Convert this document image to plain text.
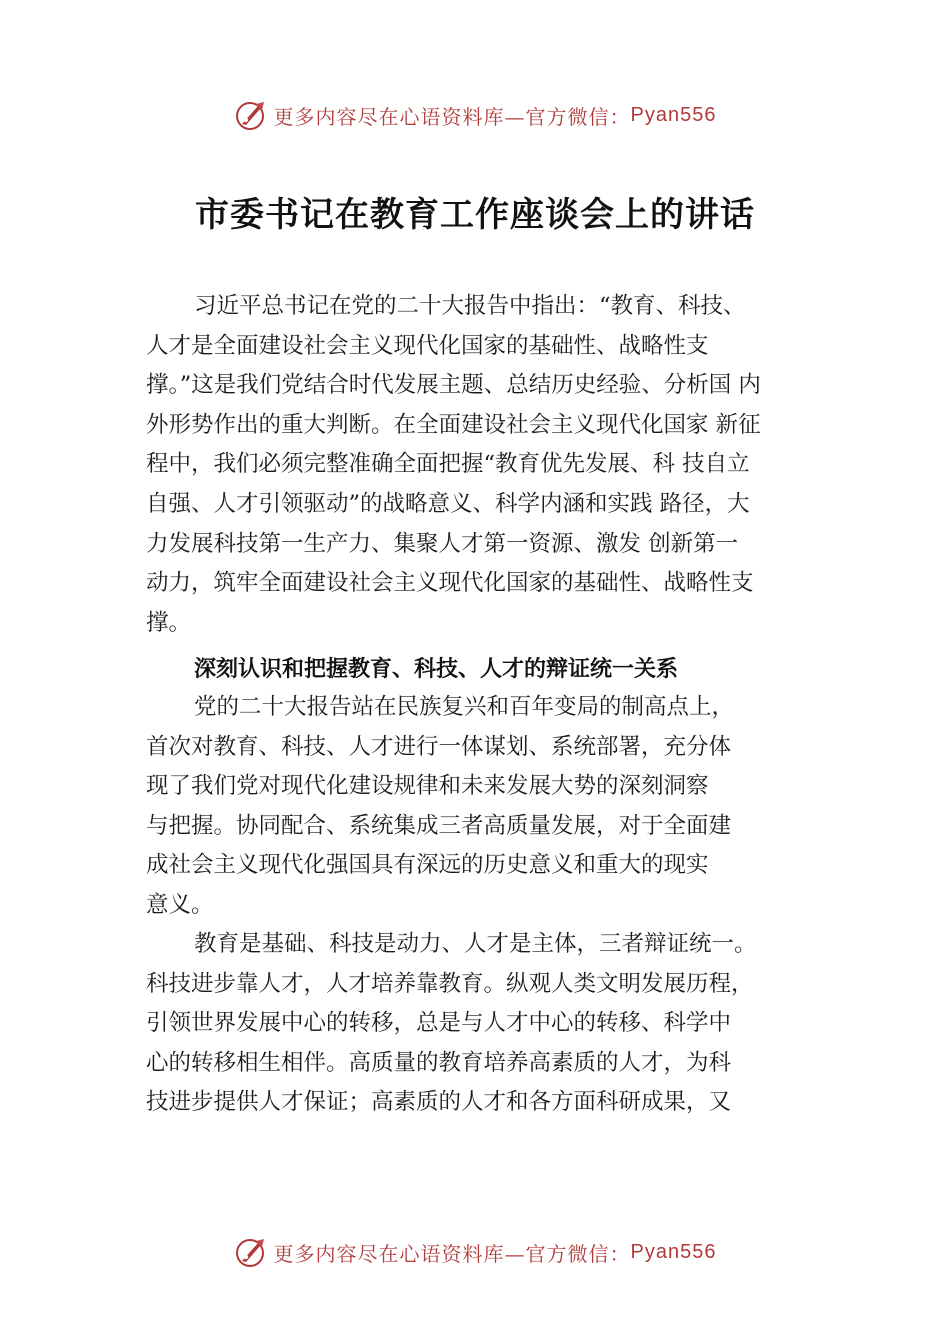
更多内容尽在心语资料库—官方微信： Pyan556
市委书记在教育工作座谈会上的讲话
习近平总书记在党的二十大报告中指出：“教育、科技、
人才是全面建设社会主义现代化国家的基础性、战略性支
撑。”这是我们党结合时代发展主题、总结历史经验、分析国 内
外形势作出的重大判断。在全面建设社会主义现代化国家 新征
程中，我们必须完整准确全面把握“教育优先发展、科 技自立
自强、人才引领驱动”的战略意义、科学内涵和实践 路径，大
力发展科技第一生产力、集聚人才第一资源、激发 创新第一
动力，筑牢全面建设社会主义现代化国家的基础性、战略性支
撑。
深刻认识和把握教育、科技、人才的辩证统一关系
党的二十大报告站在民族复兴和百年变局的制高点上，
首次对教育、科技、人才进行一体谋划、系统部署，充分体
现了我们党对现代化建设规律和未来发展大势的深刻洞察
与把握。协同配合、系统集成三者高质量发展，对于全面建
成社会主义现代化强国具有深远的历史意义和重大的现实
意义。
教育是基础、科技是动力、人才是主体，三者辩证统一。
科技进步靠人才，人才培养靠教育。纵观人类文明发展历程，
引领世界发展中心的转移，总是与人才中心的转移、科学中
心的转移相生相伴。高质量的教育培养高素质的人才，为科
技进步提供人才保证；高素质的人才和各方面科研成果，又
更多内容尽在心语资料库—官方微信： Pyan556
